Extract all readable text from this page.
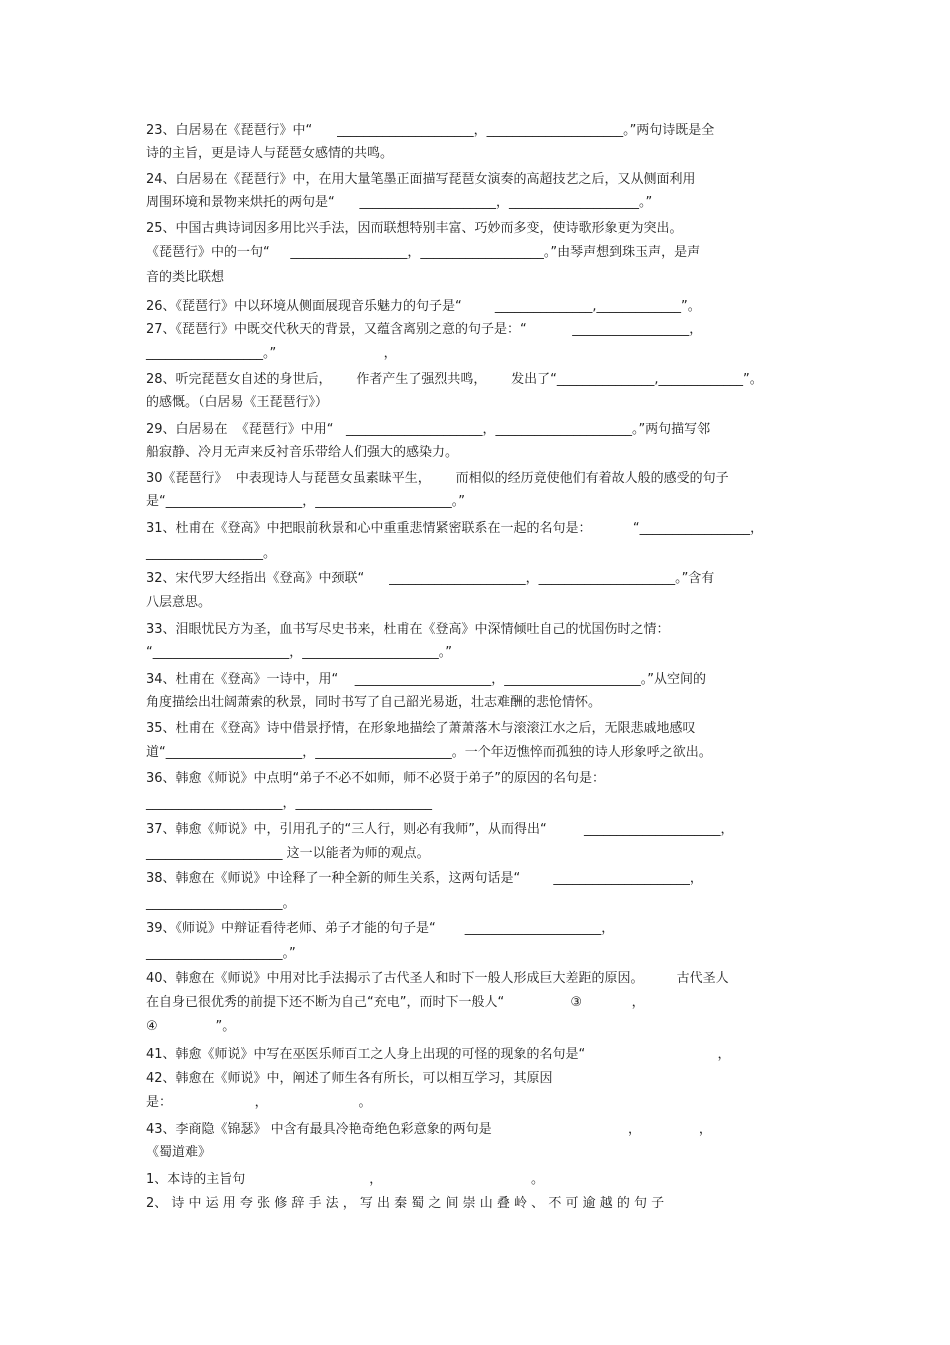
23、白居易在《琵琶行》中“      _____________________，_____________________。”两句诗既是全
诗的主旨，更是诗人与琵琶女感情的共鸣。
24、白居易在《琵琶行》中，在用大量笔墨正面描写琵琶女演奏的高超技艺之后，又从侧面利用
周围环境和景物来烘托的两句是“      _____________________，____________________。”
25、中国古典诗词因多用比兴手法，因而联想特别丰富、巧妙而多变，使诗歌形象更为突出。
《琵琶行》中的一句“     __________________，___________________。”由琴声想到珠玉声，是声
音的类比联想
26、《琵琶行》中以环境从侧面展现音乐魅力的句子是“        _______________,_____________”。
27、《琵琶行》中既交代秋天的背景，又蕴含离别之意的句子是：“           __________________，
__________________。”                          ，
28、听完琵琶女自述的身世后，      作者产生了强烈共鸣，      发出了“_______________,_____________”。
的感慨。（白居易《王琵琶行》）
29、白居易在  《琵琶行》中用“   _____________________，_____________________。”两句描写邻
船寂静、冷月无声来反衬音乐带给人们强大的感染力。
30《琵琶行》  中表现诗人与琵琶女虽素昧平生，      而相似的经历竟使他们有着故人般的感受的句子
是“_____________________，_____________________。”
31、杜甫在《登高》中把眼前秋景和心中重重悲情紧密联系在一起的名句是：          “_________________，
__________________。
32、宋代罗大经指出《登高》中颈联“      _____________________，_____________________。”含有
八层意思。
33、泪眼忧民方为圣，血书写尽史书来，杜甫在《登高》中深情倾吐自己的忧国伤时之情：
“_____________________，_____________________。”
34、杜甫在《登高》一诗中，用“    _____________________，_____________________。”从空间的
角度描绘出壮阔萧索的秋景，同时书写了自己韶光易逝，壮志难酬的悲怆情怀。
35、杜甫在《登高》诗中借景抒情，在形象地描绘了萧萧落木与滚滚江水之后，无限悲戚地感叹
道“_____________________，_____________________。一个年迈憔悴而孤独的诗人形象呼之欲出。
36、韩愈《师说》中点明“弟子不必不如师，师不必贤于弟子”的原因的名句是：
_____________________，_____________________
37、韩愈《师说》中，引用孔子的“三人行，则必有我师”，从而得出“         _____________________，
_____________________ 这一以能者为师的观点。
38、韩愈在《师说》中诠释了一种全新的师生关系，这两句话是“        _____________________，
_____________________。
39、《师说》中辩证看待老师、弟子才能的句子是“       _____________________，
_____________________。”
40、韩愈在《师说》中用对比手法揭示了古代圣人和时下一般人形成巨大差距的原因。        古代圣人
在自身已很优秀的前提下还不断为自己“充电”，而时下一般人“                ③            ，
④              ”。
41、韩愈《师说》中写在巫医乐师百工之人身上出现的可怪的现象的名句是“                                ，
42、韩愈在《师说》中，阐述了师生各有所长，可以相互学习，其原因
是：                    ，                      。
43、李商隐《锦瑟》 中含有最具冷艳奇绝色彩意象的两句是                                 ，              ，
《蜀道难》
1、本诗的主旨句                              ，                                    。
2、 诗 中 运 用 夸 张 修 辞 手 法 ， 写 出 秦 蜀 之 间 崇 山 叠 岭 、 不 可 逾 越 的 句 子
